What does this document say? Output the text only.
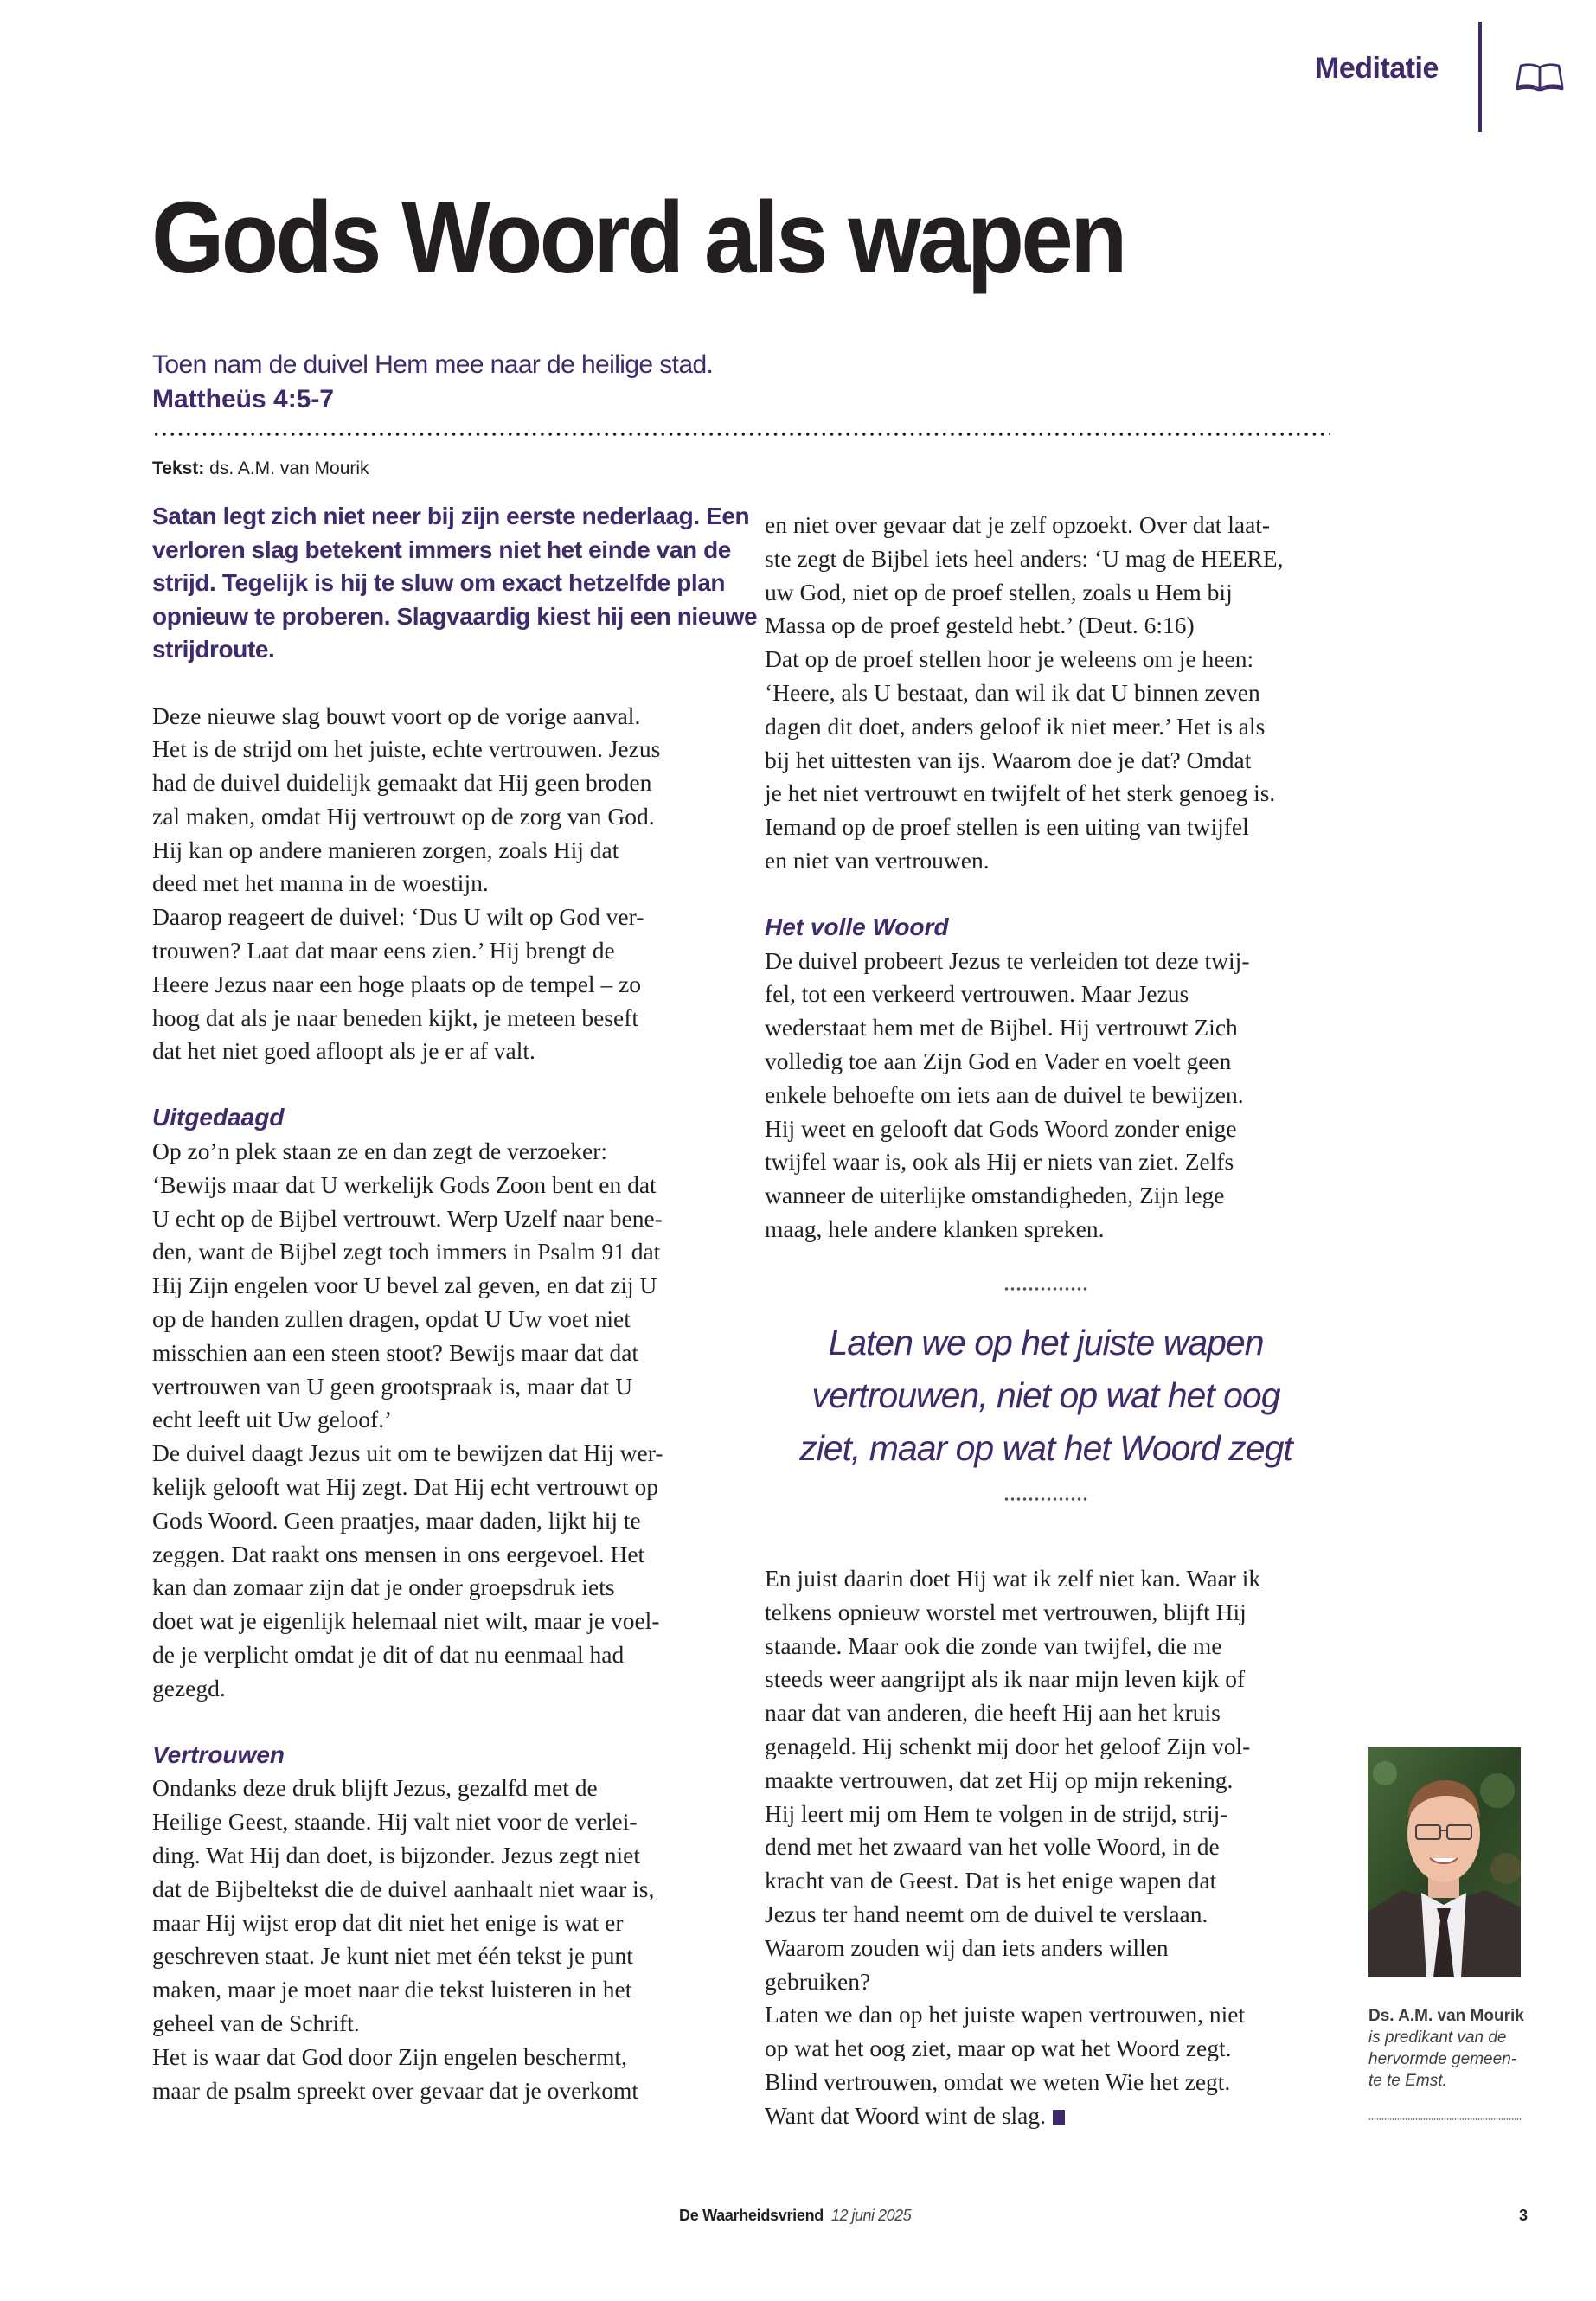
Meditatie
Gods Woord als wapen
Toen nam de duivel Hem mee naar de heilige stad.
Mattheüs 4:5-7
Tekst: ds. A.M. van Mourik
Satan legt zich niet neer bij zijn eerste nederlaag. Een
verloren slag betekent immers niet het einde van de
strijd. Tegelijk is hij te sluw om exact hetzelfde plan
opnieuw te proberen. Slagvaardig kiest hij een nieuwe
strijdroute.
Deze nieuwe slag bouwt voort op de vorige aanval.
Het is de strijd om het juiste, echte vertrouwen. Jezus
had de duivel duidelijk gemaakt dat Hij geen broden
zal maken, omdat Hij vertrouwt op de zorg van God.
Hij kan op andere manieren zorgen, zoals Hij dat
deed met het manna in de woestijn.
Daarop reageert de duivel: ‘Dus U wilt op God ver-
trouwen? Laat dat maar eens zien.’ Hij brengt de
Heere Jezus naar een hoge plaats op de tempel – zo
hoog dat als je naar beneden kijkt, je meteen beseft
dat het niet goed afloopt als je er af valt.
Uitgedaagd
Op zo’n plek staan ze en dan zegt de verzoeker:
‘Bewijs maar dat U werkelijk Gods Zoon bent en dat
U echt op de Bijbel vertrouwt. Werp Uzelf naar bene-
den, want de Bijbel zegt toch immers in Psalm 91 dat
Hij Zijn engelen voor U bevel zal geven, en dat zij U
op de handen zullen dragen, opdat U Uw voet niet
misschien aan een steen stoot? Bewijs maar dat dat
vertrouwen van U geen grootspraak is, maar dat U
echt leeft uit Uw geloof.’
De duivel daagt Jezus uit om te bewijzen dat Hij wer-
kelijk gelooft wat Hij zegt. Dat Hij echt vertrouwt op
Gods Woord. Geen praatjes, maar daden, lijkt hij te
zeggen. Dat raakt ons mensen in ons eergevoel. Het
kan dan zomaar zijn dat je onder groepsdruk iets
doet wat je eigenlijk helemaal niet wilt, maar je voel-
de je verplicht omdat je dit of dat nu eenmaal had
gezegd.
Vertrouwen
Ondanks deze druk blijft Jezus, gezalfd met de
Heilige Geest, staande. Hij valt niet voor de verlei-
ding. Wat Hij dan doet, is bijzonder. Jezus zegt niet
dat de Bijbeltekst die de duivel aanhaalt niet waar is,
maar Hij wijst erop dat dit niet het enige is wat er
geschreven staat. Je kunt niet met één tekst je punt
maken, maar je moet naar die tekst luisteren in het
geheel van de Schrift.
Het is waar dat God door Zijn engelen beschermt,
maar de psalm spreekt over gevaar dat je overkomt
en niet over gevaar dat je zelf opzoekt. Over dat laat-
ste zegt de Bijbel iets heel anders: ‘U mag de HEERE,
uw God, niet op de proef stellen, zoals u Hem bij
Massa op de proef gesteld hebt.’ (Deut. 6:16)
Dat op de proef stellen hoor je weleens om je heen:
‘Heere, als U bestaat, dan wil ik dat U binnen zeven
dagen dit doet, anders geloof ik niet meer.’ Het is als
bij het uittesten van ijs. Waarom doe je dat? Omdat
je het niet vertrouwt en twijfelt of het sterk genoeg is.
Iemand op de proef stellen is een uiting van twijfel
en niet van vertrouwen.
Het volle Woord
De duivel probeert Jezus te verleiden tot deze twij-
fel, tot een verkeerd vertrouwen. Maar Jezus
wederstaat hem met de Bijbel. Hij vertrouwt Zich
volledig toe aan Zijn God en Vader en voelt geen
enkele behoefte om iets aan de duivel te bewijzen.
Hij weet en gelooft dat Gods Woord zonder enige
twijfel waar is, ook als Hij er niets van ziet. Zelfs
wanneer de uiterlijke omstandigheden, Zijn lege
maag, hele andere klanken spreken.
Laten we op het juiste wapen
vertrouwen, niet op wat het oog
ziet, maar op wat het Woord zegt
En juist daarin doet Hij wat ik zelf niet kan. Waar ik
telkens opnieuw worstel met vertrouwen, blijft Hij
staande. Maar ook die zonde van twijfel, die me
steeds weer aangrijpt als ik naar mijn leven kijk of
naar dat van anderen, die heeft Hij aan het kruis
genageld. Hij schenkt mij door het geloof Zijn vol-
maakte vertrouwen, dat zet Hij op mijn rekening.
Hij leert mij om Hem te volgen in de strijd, strij-
dend met het zwaard van het volle Woord, in de
kracht van de Geest. Dat is het enige wapen dat
Jezus ter hand neemt om de duivel te verslaan.
Waarom zouden wij dan iets anders willen
gebruiken?
Laten we dan op het juiste wapen vertrouwen, niet
op wat het oog ziet, maar op wat het Woord zegt.
Blind vertrouwen, omdat we weten Wie het zegt.
Want dat Woord wint de slag.
Ds. A.M. van Mourik
is predikant van de
hervormde gemeen-
te te Emst.
De Waarheidsvriend 12 juni 2025	3
